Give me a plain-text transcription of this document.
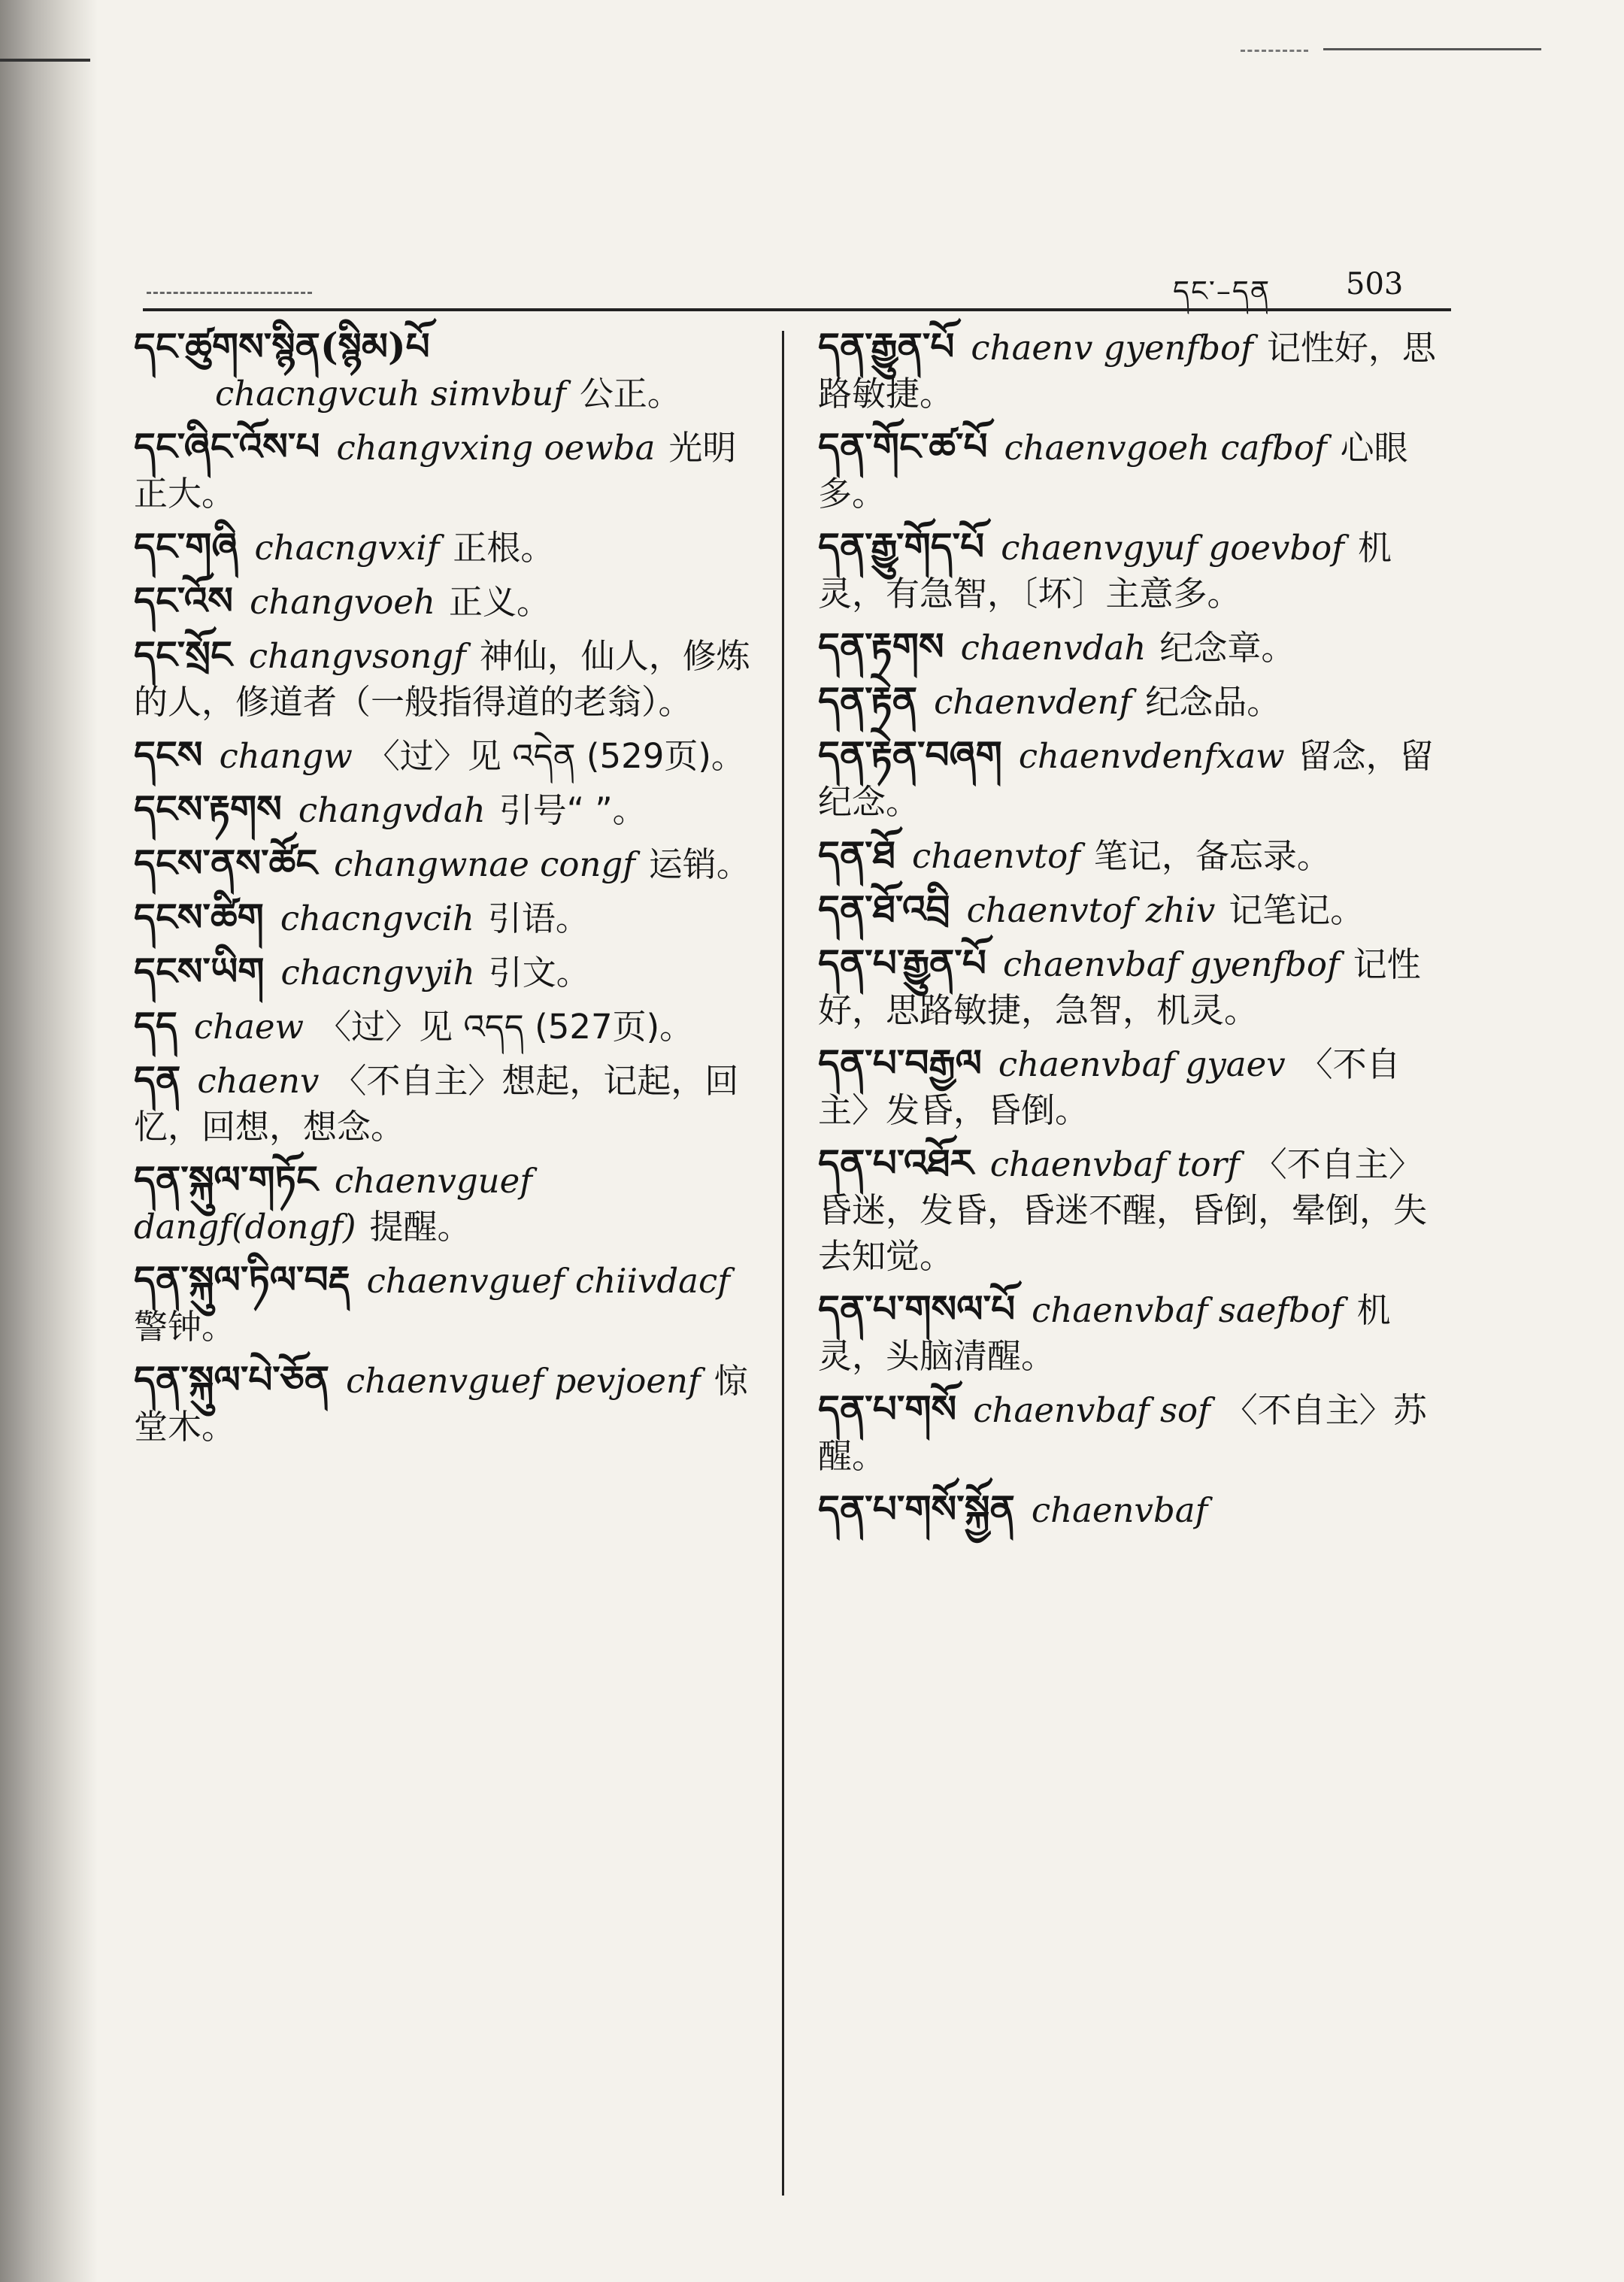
དང་–དན 503
དང་ཚུགས་སྙིན(སྙིམ)པོ
chacngvcuh simvbuf 公正。
དང་ཞིང་འོས་པ changvxing oewba 光明正大。
དང་གཞི chacngvxif 正根。
དང་འོས changvoeh 正义。
དང་སྲོང changvsongf 神仙，仙人，修炼的人，修道者（一般指得道的老翁）。
དངས changw 〈过〉见 འདེན (529页)。
དངས་རྟགས changvdah 引号“ ”。
དངས་ནས་ཚོང changwnae congf 运销。
དངས་ཚིག chacngvcih 引语。
དངས་ཡིག chacngvyih 引文。
དད chaew 〈过〉见 འདད (527页)。
དན chaenv 〈不自主〉想起，记起，回忆，回想，想念。
དན་སྐུལ་གཏོང chaenvguef dangf(dongf) 提醒。
དན་སྐུལ་ཏིལ་བརྡ chaenvguef chiivdacf警钟。
དན་སྐུལ་པེ་ཅོན chaenvguef pevjoenf 惊堂木。
དན་རྒྱུན་པོ chaenv gyenfbof 记性好，思路敏捷。
དན་གོང་ཚ་པོ chaenvgoeh cafbof 心眼多。
དན་རྒྱུ་གོད་པོ chaenvgyuf goevbof 机灵，有急智，〔坏〕主意多。
དན་རྟགས chaenvdah 纪念章。
དན་རྟེན chaenvdenf 纪念品。
དན་རྟེན་བཞག chaenvdenfxaw 留念，留纪念。
དན་ཐོ chaenvtof 笔记，备忘录。
དན་ཐོ་འབྲི chaenvtof zhiv 记笔记。
དན་པ་རྒྱུན་པོ chaenvbaf gyenfbof 记性好，思路敏捷，急智，机灵。
དན་པ་བརྒྱལ chaenvbaf gyaev 〈不自主〉发昏，昏倒。
དན་པ་འཐོར chaenvbaf torf 〈不自主〉昏迷，发昏，昏迷不醒，昏倒，晕倒，失去知觉。
དན་པ་གསལ་པོ chaenvbaf saefbof 机灵，头脑清醒。
དན་པ་གསོ chaenvbaf sof 〈不自主〉苏醒。
དན་པ་གསོ་སྐྱོན chaenvbaf
